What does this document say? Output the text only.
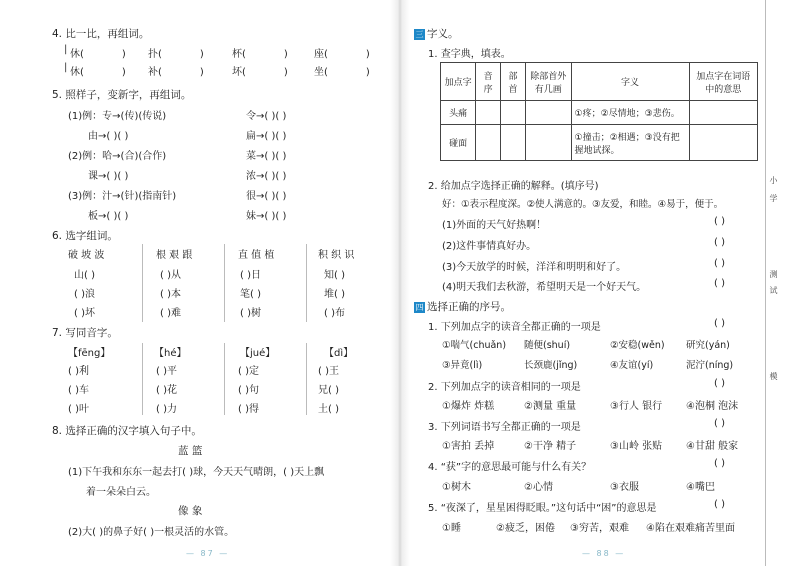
4. 比一比，再组词。
|
|
休(	) 扑(	)	杯(	)	座(	)
休(	) 补(	)	坏(	)	坐(	)
5. 照样子，变新字，再组词。
(1)例：专→(传)(传说)
由→( )( )
(2)例：哈→(合)(合作)
课→( )( )
(3)例：汁→(针)(指南针)
板→( )( )
令→( )( )
扁→( )( )
菜→( )( )
浓→( )( )
很→( )( )
妹→( )( )
6. 选字组词。
破 坡 波	根 艰 跟	直 值 植	积 织 识
山( )	( )从	( )日	知( )
( )浪	( )本	笔( )	堆( )
( )坏	( )难	( )树	( )布
7. 写同音字。
【fēng】	【hé】	【jué】	【dì】
( )利	( )平	( )定	( )王
( )车	( )花	( )句	兄( )
( )叶	( )力	( )得	土( )
8. 选择正确的汉字填入句子中。
蓝 篮
(1)下午我和东东一起去打( )球，今天天气晴朗，( )天上飘
着一朵朵白云。
像 象
(2)大( )的鼻子好( )一根灵活的水管。
— 87 —
三 字义。
1. 查字典，填表。
加点字	音序	部首	除部首外有几画	字义	加点字在词语中的意思
头痛				①疼；②尽情地；③悲伤。	
碰面				①撞击；②相遇；③没有把握地试探。	
2. 给加点字选择正确的解释。(填序号)
好：①表示程度深。②使人满意的。③友爱，和睦。④易于，便于。
(1)外面的天气好热啊！	( )
(2)这件事情真好办。	( )
(3)今天放学的时候，洋洋和明明和好了。	( )
(4)明天我们去秋游，希望明天是一个好天气。	( )
四 选择正确的序号。
1. 下列加点字的读音全都正确的一项是	( )
①喘气(chuǎn) 随便(shuí)	②安稳(wěn) 研究(yán)
③异竟(lì)	长颈鹿(jǐng)	④友谊(yí)	泥泞(níng)
2. 下列加点字的读音相同的一项是	( )
①爆炸 炸糕	②测量 重量	③行人 银行 ④泡桐 泡沫
3. 下列词语书写全都正确的一项是	( )
①害拍 丢掉	②干净 精子	③山岭 张贴 ④甘甜 般家
4. “获”字的意思最可能与什么有关？	( )
①树木	②心情	③衣服	④嘴巴
5. “夜深了，星星困得眨眼。”这句话中“困”的意思是	( )
①睡	②疲乏，困倦 ③穷苦，艰难 ④陷在艰难痛苦里面
— 88 —
小
学
测
试
模
